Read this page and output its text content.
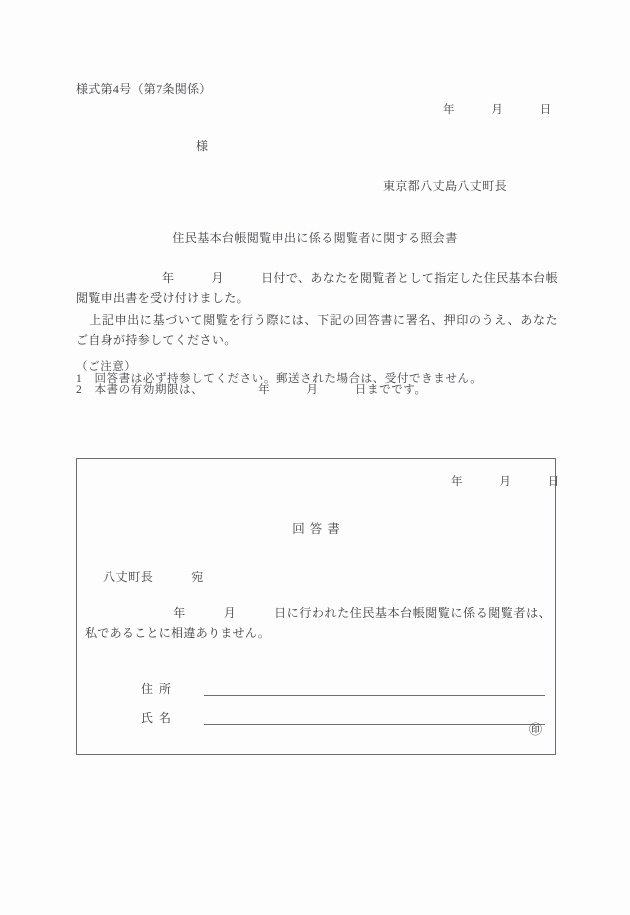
様式第4号（第7条関係）
年　　　月　　　日
様
東京都八丈島八丈町長
住民基本台帳閲覧申出に係る閲覧者に関する照会書

年　　　月　　　日付で、あなたを閲覧者として指定した住民基本台帳閲覧申出書を受け付けました。

上記申出に基づいて閲覧を行う際には、下記の回答書に署名、押印のうえ、あなたご自身が持参してください。

（ご注意）

1　回答書は必ず持参してください。郵送された場合は、受付できません。

2　本書の有効期限は、　　　　　年　　　月　　　日までです。

年　　　月　　　日
回答書
八丈町長　　　宛
年　　　月　　　日に行われた住民基本台帳閲覧に係る閲覧者は、私であることに相違ありません。
住所
氏名
㊞
